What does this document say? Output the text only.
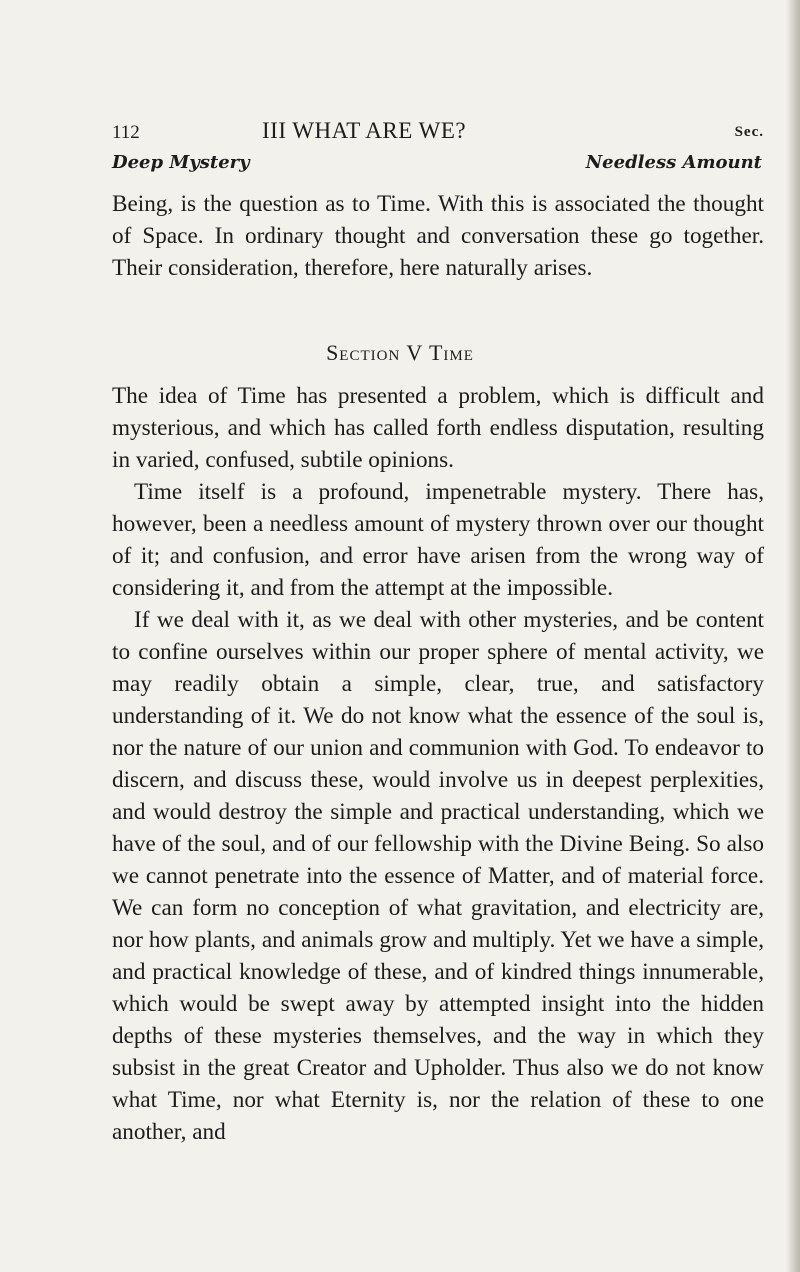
112	III WHAT ARE WE?	Sec.
Deep Mystery	Needless Amount

Being, is the question as to Time. With this is associated the thought of Space. In ordinary thought and conversation these go together. Their consideration, therefore, here naturally arises.

Section V Time

The idea of Time has presented a problem, which is difficult and mysterious, and which has called forth endless disputation, resulting in varied, confused, subtile opinions.

Time itself is a profound, impenetrable mystery. There has, however, been a needless amount of mystery thrown over our thought of it; and confusion, and error have arisen from the wrong way of considering it, and from the attempt at the impossible.

If we deal with it, as we deal with other mysteries, and be content to confine ourselves within our proper sphere of mental activity, we may readily obtain a simple, clear, true, and satisfactory understanding of it. We do not know what the essence of the soul is, nor the nature of our union and communion with God. To endeavor to discern, and discuss these, would involve us in deepest perplexities, and would destroy the simple and practical understanding, which we have of the soul, and of our fellowship with the Divine Being. So also we cannot penetrate into the essence of Matter, and of material force. We can form no conception of what gravitation, and electricity are, nor how plants, and animals grow and multiply. Yet we have a simple, and practical knowledge of these, and of kindred things innumerable, which would be swept away by attempted insight into the hidden depths of these mysteries themselves, and the way in which they subsist in the great Creator and Upholder. Thus also we do not know what Time, nor what Eternity is, nor the relation of these to one another, and
